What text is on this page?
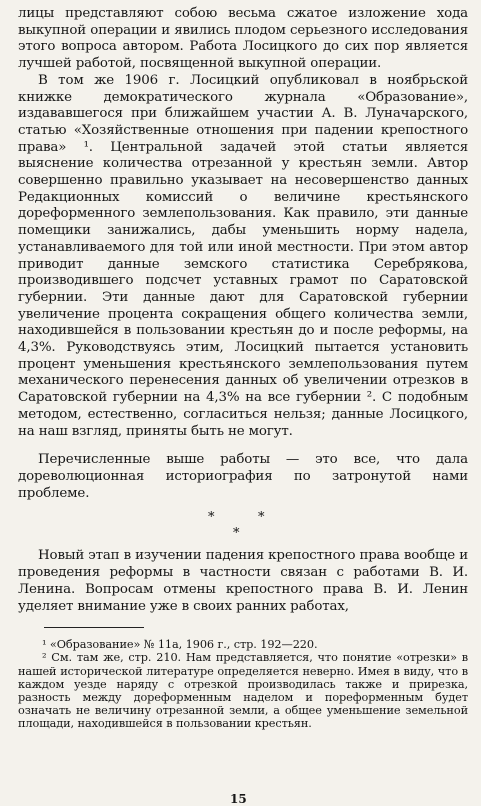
лицы представляют собою весьма сжатое изложение хода выкупной операции и явились плодом серьезного исследования этого вопроса автором. Работа Лосицкого до сих пор является лучшей работой, посвященной выкупной операции.

В том же 1906 г. Лосицкий опубликовал в ноябрьской книжке демократического журнала «Образование», издававшегося при ближайшем участии А. В. Луначарского, статью «Хозяйственные отношения при падении крепостного права» ¹. Центральной задачей этой статьи является выяснение количества отрезанной у крестьян земли. Автор совершенно правильно указывает на несовершенство данных Редакционных комиссий о величине крестьянского дореформенного землепользования. Как правило, эти данные помещики занижались, дабы уменьшить норму надела, устанавливаемого для той или иной местности. При этом автор приводит данные земского статистика Серебрякова, производившего подсчет уставных грамот по Саратовской губернии. Эти данные дают для Саратовской губернии увеличение процента сокращения общего количества земли, находившейся в пользовании крестьян до и после реформы, на 4,3%. Руководствуясь этим, Лосицкий пытается установить процент уменьшения крестьянского землепользования путем механического перенесения данных об увеличении отрезков в Саратовской губернии на 4,3% на все губернии ². С подобным методом, естественно, согласиться нельзя; данные Лосицкого, на наш взгляд, приняты быть не могут.

Перечисленные выше работы — это все, что дала дореволюционная историография по затронутой нами проблеме.

*	*
*

Новый этап в изучении падения крепостного права вообще и проведения реформы в частности связан с работами В. И. Ленина. Вопросам отмены крепостного права В. И. Ленин уделяет внимание уже в своих ранних работах,

¹ «Образование» № 11а, 1906 г., стр. 192—220.

² См. там же, стр. 210. Нам представляется, что понятие «отрезки» в нашей исторической литературе определяется неверно. Имея в виду, что в каждом уезде наряду с отрезкой производилась также и прирезка, разность между дореформенным наделом и пореформенным будет означать не величину отрезанной земли, а общее уменьшение земельной площади, находившейся в пользовании крестьян.

15
